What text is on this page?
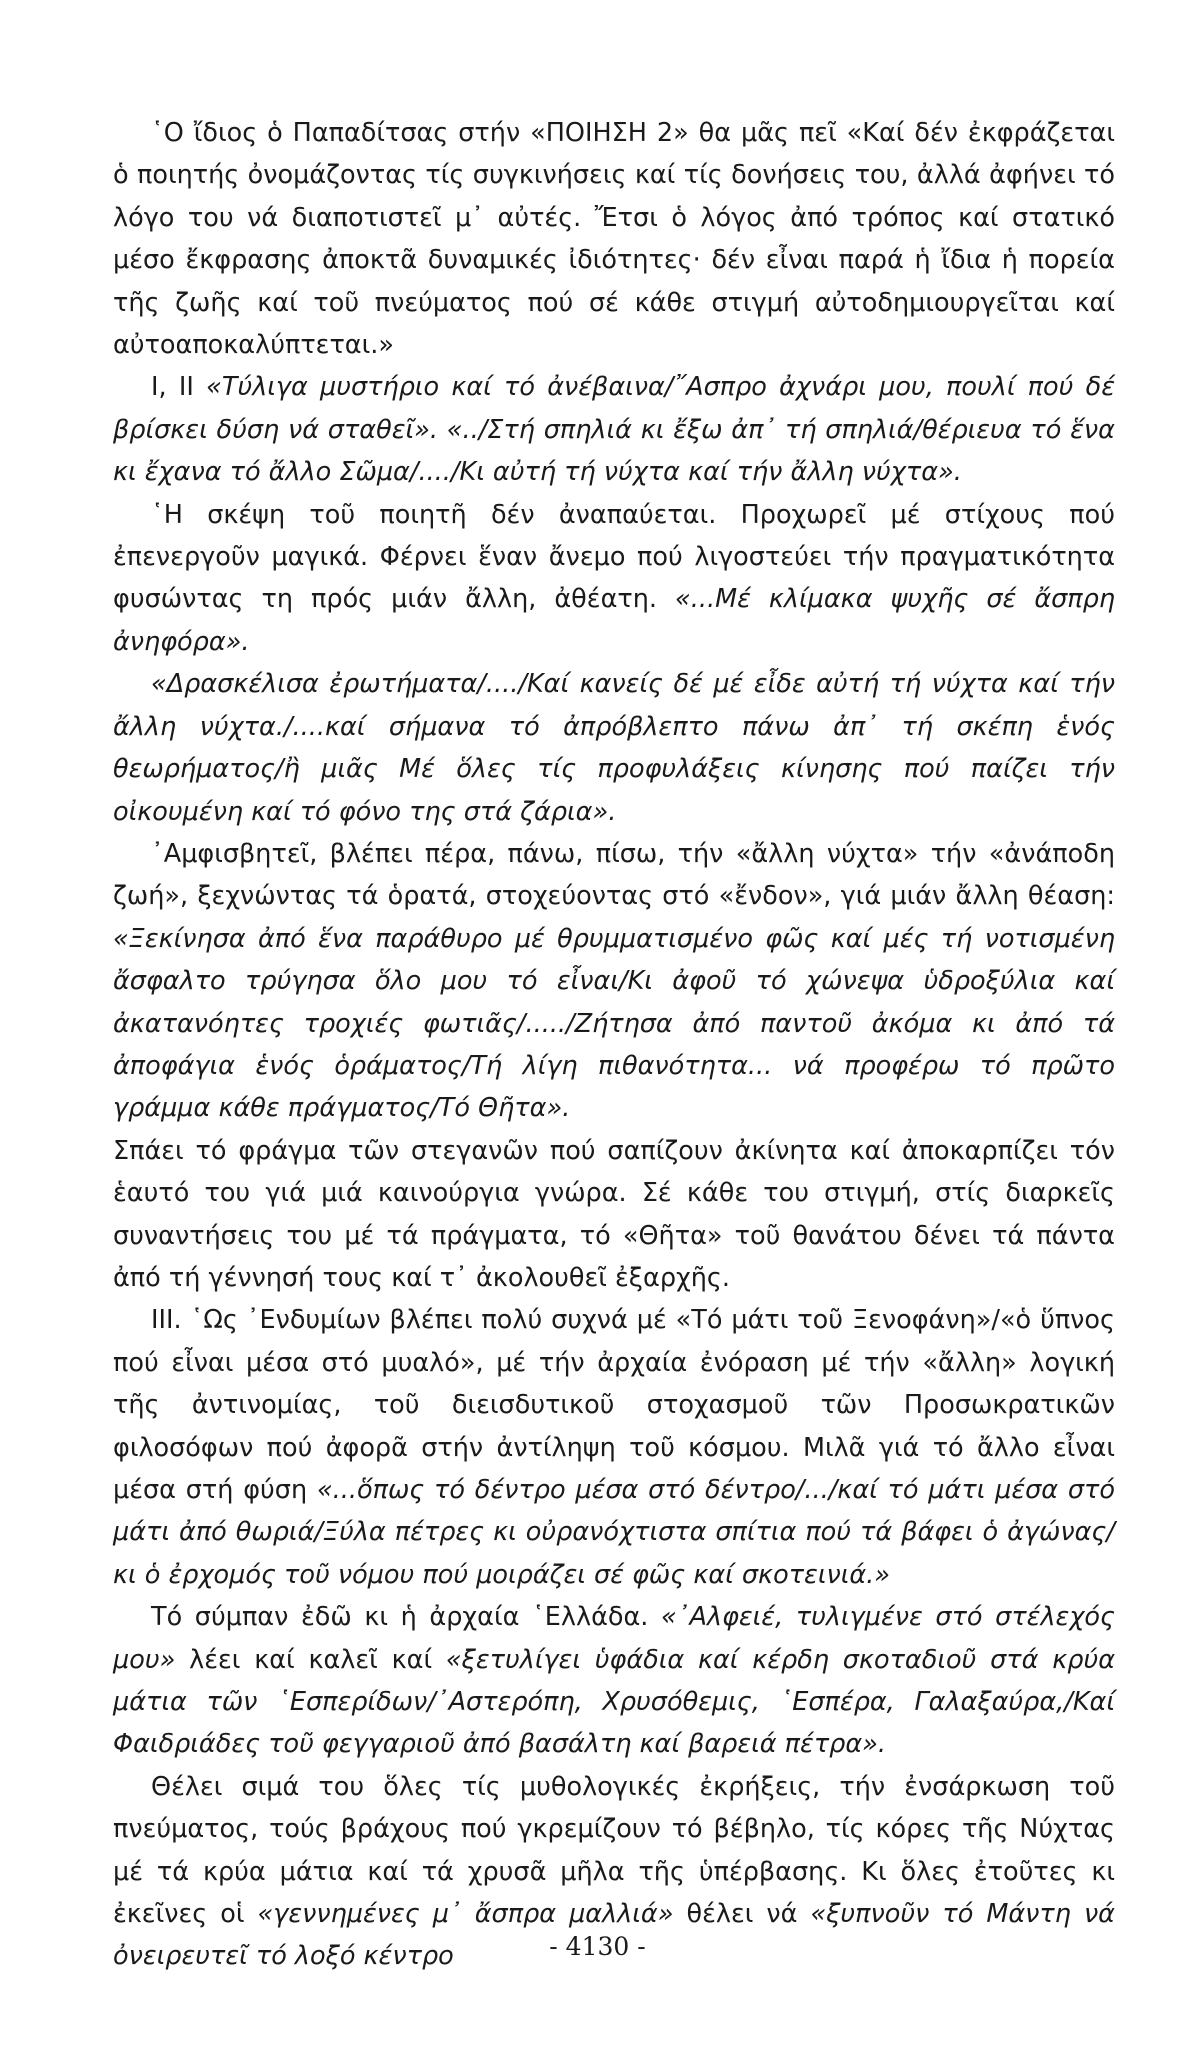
῾Ο ἴδιος ὁ Παπαδίτσας στήν «ΠΟΙΗΣΗ 2» θα μᾶς πεῖ «Καί δέν ἐκφράζεται ὁ ποιητής ὀνομάζοντας τίς συγκινήσεις καί τίς δονήσεις του, ἀλλά ἀφήνει τό λόγο του νά διαποτιστεῖ μ᾽ αὐτές. Ἔτσι ὁ λόγος ἀπό τρόπος καί στατικό μέσο ἔκφρασης ἀποκτᾶ δυναμικές ἰδιότητες· δέν εἶναι παρά ἡ ἴδια ἡ πορεία τῆς ζωῆς καί τοῦ πνεύματος πού σέ κάθε στιγμή αὐτοδημιουργεῖται καί αὐτοαποκαλύπτεται.»

I, II «Τύλιγα μυστήριο καί τό ἀνέβαινα/῎Ασπρο ἀχνάρι μου, πουλί πού δέ βρίσκει δύση νά σταθεῖ». «../Στή σπηλιά κι ἔξω ἀπ᾽ τή σπηλιά/θέριευα τό ἕνα κι ἔχανα τό ἄλλο Σῶμα/..../Κι αὐτή τή νύχτα καί τήν ἄλλη νύχτα».

῾Η σκέψη τοῦ ποιητῆ δέν ἀναπαύεται. Προχωρεῖ μέ στίχους πού ἐπενεργοῦν μαγικά. Φέρνει ἕναν ἄνεμο πού λιγοστεύει τήν πραγματικότητα φυσώντας τη πρός μιάν ἄλλη, ἀθέατη. «...Μέ κλίμακα ψυχῆς σέ ἄσπρη ἀνηφόρα».

«Δρασκέλισα ἐρωτήματα/..../Καί κανείς δέ μέ εἶδε αὐτή τή νύχτα καί τήν ἄλλη νύχτα./....καί σήμανα τό ἀπρόβλεπτο πάνω ἀπ᾽ τή σκέπη ἑνός θεωρήματος/ἢ μιᾶς Μέ ὅλες τίς προφυλάξεις κίνησης πού παίζει τήν οἰκουμένη καί τό φόνο της στά ζάρια».

᾽Αμφισβητεῖ, βλέπει πέρα, πάνω, πίσω, τήν «ἄλλη νύχτα» τήν «ἀνάποδη ζωή», ξεχνώντας τά ὁρατά, στοχεύοντας στό «ἔνδον», γιά μιάν ἄλλη θέαση: «Ξεκίνησα ἀπό ἕνα παράθυρο μέ θρυμματισμένο φῶς καί μές τή νοτισμένη ἄσφαλτο τρύγησα ὅλο μου τό εἶναι/Κι ἀφοῦ τό χώνεψα ὑδροξύλια καί ἀκατανόητες τροχιές φωτιᾶς/...../Ζήτησα ἀπό παντοῦ ἀκόμα κι ἀπό τά ἀποφάγια ἑνός ὁράματος/Τή λίγη πιθανότητα... νά προφέρω τό πρῶτο γράμμα κάθε πράγματος/Τό Θῆτα».

Σπάει τό φράγμα τῶν στεγανῶν πού σαπίζουν ἀκίνητα καί ἀποκαρπίζει τόν ἑαυτό του γιά μιά καινούργια γνώρα. Σέ κάθε του στιγμή, στίς διαρκεῖς συναντήσεις του μέ τά πράγματα, τό «Θῆτα» τοῦ θανάτου δένει τά πάντα ἀπό τή γέννησή τους καί τ᾽ ἀκολουθεῖ ἐξαρχῆς.

III. ῾Ως ᾽Ενδυμίων βλέπει πολύ συχνά μέ «Τό μάτι τοῦ Ξενοφάνη»/«ὁ ὕπνος πού εἶναι μέσα στό μυαλό», μέ τήν ἀρχαία ἐνόραση μέ τήν «ἄλλη» λογική τῆς ἀντινομίας, τοῦ διεισδυτικοῦ στοχασμοῦ τῶν Προσωκρατικῶν φιλοσόφων πού ἀφορᾶ στήν ἀντίληψη τοῦ κόσμου. Μιλᾶ γιά τό ἄλλο εἶναι μέσα στή φύση «...ὅπως τό δέντρο μέσα στό δέντρο/.../καί τό μάτι μέσα στό μάτι ἀπό θωριά/Ξύλα πέτρες κι οὐρανόχτιστα σπίτια πού τά βάφει ὁ ἀγώνας/κι ὁ ἐρχομός τοῦ νόμου πού μοιράζει σέ φῶς καί σκοτεινιά.»

Τό σύμπαν ἐδῶ κι ἡ ἀρχαία ῾Ελλάδα. «᾽Αλφειέ, τυλιγμένε στό στέλεχός μου» λέει καί καλεῖ καί «ξετυλίγει ὑφάδια καί κέρδη σκοταδιοῦ στά κρύα μάτια τῶν ῾Εσπερίδων/᾽Αστερόπη, Χρυσόθεμις, ῾Εσπέρα, Γαλαξαύρα,/Καί Φαιδριάδες τοῦ φεγγαριοῦ ἀπό βασάλτη καί βαρειά πέτρα».

Θέλει σιμά του ὅλες τίς μυθολογικές ἐκρήξεις, τήν ἐνσάρκωση τοῦ πνεύματος, τούς βράχους πού γκρεμίζουν τό βέβηλο, τίς κόρες τῆς Νύχτας μέ τά κρύα μάτια καί τά χρυσᾶ μῆλα τῆς ὑπέρβασης. Κι ὅλες ἐτοῦτες κι ἐκεῖνες οἱ «γεννημένες μ᾽ ἄσπρα μαλλιά» θέλει νά «ξυπνοῦν τό Μάντη νά ὀνειρευτεῖ τό λοξό κέντρο	- 4130 -
